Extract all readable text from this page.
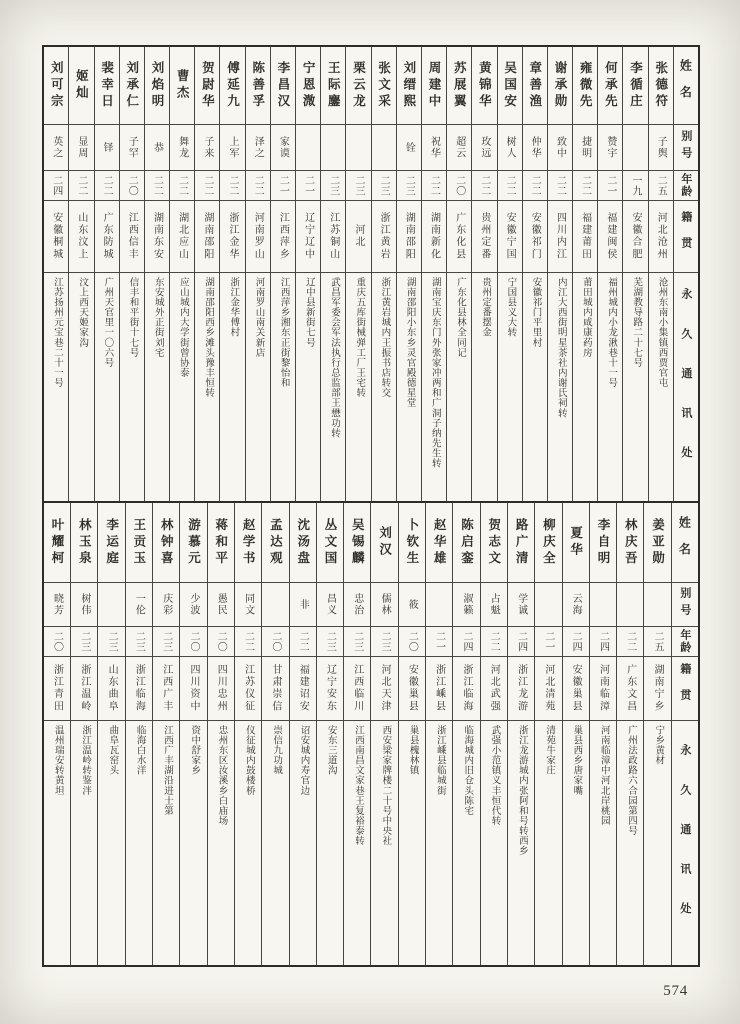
姓名
别号
年龄
籍贯
永久通讯处
张德符
子舆
二五
河北沧州
沧州东南小集镇西贾官屯
李循庄
一九
安徽合肥
芜湖教导路二十七号
何承先
赞宇
二一
福建闽侯
福州城内小龙湫巷十一号
雍微先
捷明
二二
福建莆田
莆田城内咸康药房
谢承勋
致中
二二
四川内江
内江大西街明星茶社内谢氏祠转
章善渔
仲华
二二
安徽祁门
安徽祁门平里村
吴国安
树人
二二
安徽宁国
宁国县义大转
黄锦华
玫远
二二
贵州定番
贵州定番摆金
苏展翼
超云
二〇
广东化县
广东化县林全同记
周建中
祝华
二二
湖南新化
湖南宝庆东门外张家冲两和广洞子纳先生转
刘缙熙
铨
二三
湖南邵阳
湖南邵阳小东乡灵官殿德星堂
张文采
二三
浙江黄岩
浙江黄岩城内王振书店转交
栗云龙
二三
河北
重庆五库街械弹工厂王宅转
王际鏖
二三
江苏铜山
武昌军委会军法执行总监部王懋功转
宁恩溦
二一
辽宁辽中
辽中县新街七号
李昌汉
家谟
二一
江西萍乡
江西萍乡湘东正街黎怡和
陈善孚
泽之
二二
河南罗山
河南罗山南关新店
傅延九
上军
二二
浙江金华
浙江金华傅村
贺尉华
子来
二二
湖南邵阳
湖南邵阳西乡滩头豫丰恒转
曹杰
舞龙
二二
湖北应山
应山城内大学街曾协泰
刘焰明
恭
二二
湖南东安
东安城外正街刘宅
刘承仁
子罕
二〇
江西信丰
信丰和平街十七号
裴幸日
铎
二二
广东防城
广州天官里一〇六号
姬灿
显周
二二
山东汶上
汶上西天姬家沟
刘可宗
英之
二四
安徽桐城
江苏扬州元宝巷二十一号
姓名
别号
年龄
籍贯
永久通讯处
姜亚勋
二五
湖南宁乡
宁乡黄材
林庆吾
二二
广东文昌
广州法政路六合园第四号
李自明
二四
河南临漳
河南临漳中河北岸桃园
夏华
云海
二四
安徽巢县
巢县西乡唐家嘴
柳庆全
二一
河北清苑
清苑牛家庄
路广清
学诚
二四
浙江龙游
浙江龙游城内张阿和号转西乡
贺志文
占魁
二二
河北武强
武强小范镇义丰恒代转
陈启銮
淑籁
二四
浙江临海
临海城内旧仓头陈宅
赵华雄
二一
浙江嵊县
浙江嵊县临城街
卜钦生
筱
二〇
安徽巢县
巢县槐林镇
刘汉
儒林
二三
河北天津
西安梁家牌楼二十号中央社
吴锡麟
忠治
二三
江西临川
江西南昌文家巷王复裕泰转
丛文国
昌义
二三
辽宁安东
安东三道沟
沈汤盘
非
二二
福建诏安
诏安城内寿官边
孟达观
二〇
甘肃崇信
崇信九功城
赵学书
同文
二二
江苏仪征
仪征城内鼓楼桥
蒋和平
愚民
二〇
四川忠州
忠州东区汝溪乡白庙场
游慕元
少波
二〇
四川资中
资中舒家乡
林钟喜
庆彩
二三
江西广丰
江西广丰湖沿进士第
王贡玉
一伦
二三
浙江临海
临海白水洋
李运庭
二三
山东曲阜
曲阜瓦窑头
林玉泉
树伟
二三
浙江温岭
浙江温岭转鉴泮
叶耀柯
晓芳
二〇
浙江青田
温州瑞安转黄坦
574
